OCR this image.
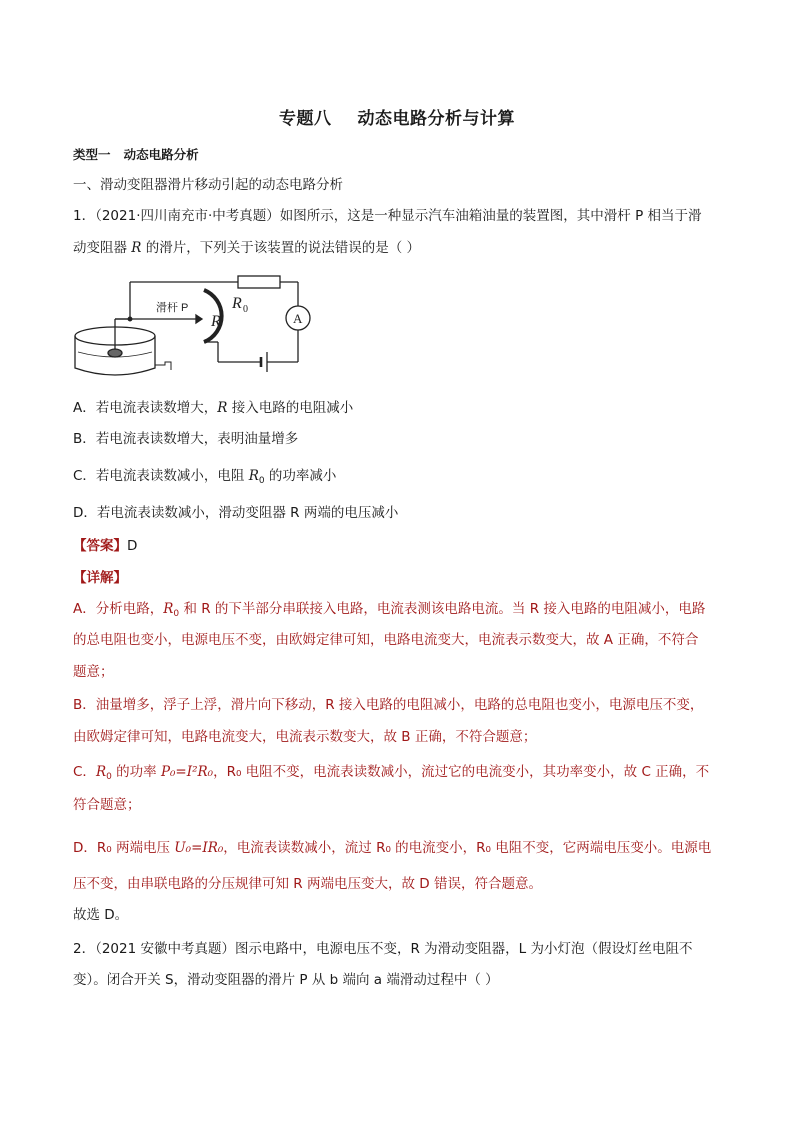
专题八 动态电路分析与计算
类型一 动态电路分析
一、滑动变阻器滑片移动引起的动态电路分析
1．（2021·四川南充市·中考真题）如图所示，这是一种显示汽车油箱油量的装置图，其中滑杆 P 相当于滑
动变阻器 R 的滑片，下列关于该装置的说法错误的是（ ）
滑杆 P
R
R 0
A
A．若电流表读数增大，R 接入电路的电阻减小
B．若电流表读数增大，表明油量增多
C．若电流表读数减小，电阻 $R_0$ 的功率减小
D．若电流表读数减小，滑动变阻器 R 两端的电压减小
【答案】D
【详解】
A．分析电路，$R_0$ 和 R 的下半部分串联接入电路，电流表测该电路电流。当 R 接入电路的电阻减小，电路
的总电阻也变小，电源电压不变，由欧姆定律可知，电路电流变大，电流表示数变大，故 A 正确，不符合
题意；
B．油量增多，浮子上浮，滑片向下移动，R 接入电路的电阻减小，电路的总电阻也变小，电源电压不变，
由欧姆定律可知，电路电流变大，电流表示数变大，故 B 正确，不符合题意；
C．$R_0$ 的功率 P₀=I²R₀，R₀ 电阻不变，电流表读数减小，流过它的电流变小，其功率变小，故 C 正确，不
符合题意；
D．R₀ 两端电压 U₀=IR₀，电流表读数减小，流过 R₀ 的电流变小，R₀ 电阻不变，它两端电压变小。电源电
压不变，由串联电路的分压规律可知 R 两端电压变大，故 D 错误，符合题意。
故选 D。
2．（2021 安徽中考真题）图示电路中，电源电压不变，R 为滑动变阻器，L 为小灯泡（假设灯丝电阻不
变）。闭合开关 S，滑动变阻器的滑片 P 从 b 端向 a 端滑动过程中（ ）
